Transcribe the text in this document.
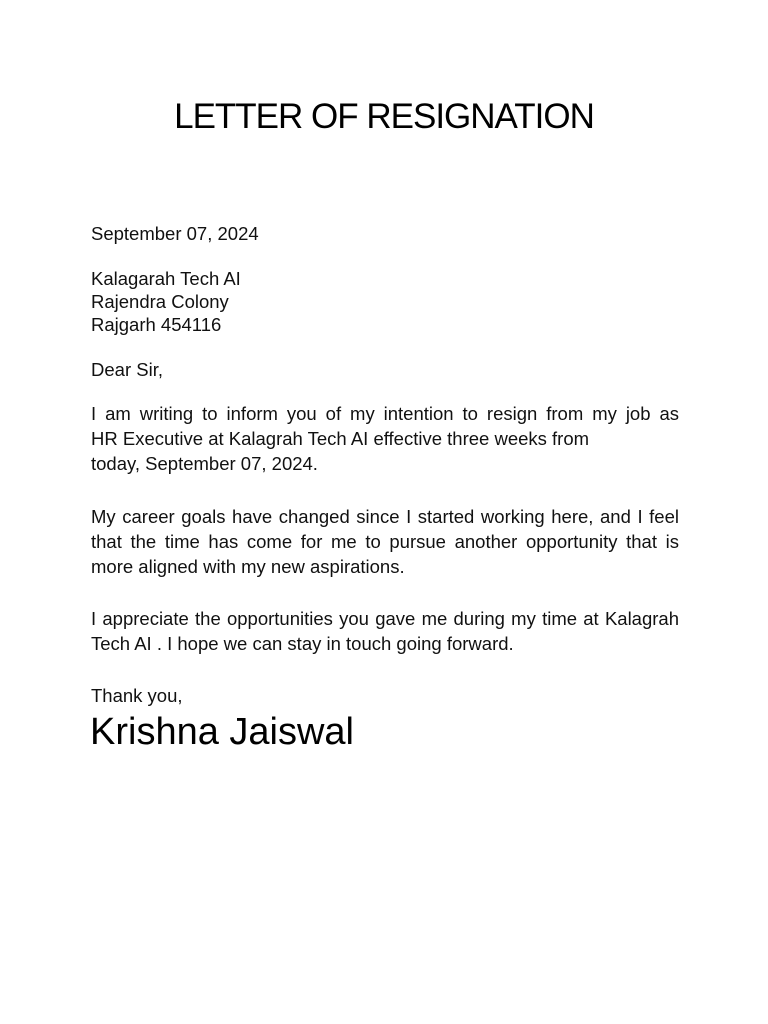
LETTER OF RESIGNATION
September 07, 2024
Kalagarah Tech AI
Rajendra Colony
Rajgarh 454116
Dear Sir,
I am writing to inform you of my intention to resign from my job as
HR Executive at Kalagrah Tech AI effective three weeks from
today, September 07, 2024.

My career goals have changed since I started working here, and I feel that the time has come for me to pursue another opportunity that is more aligned with my new aspirations.

I appreciate the opportunities you gave me during my time at Kalagrah Tech AI . I hope we can stay in touch going forward.

Thank you,
Krishna Jaiswal
